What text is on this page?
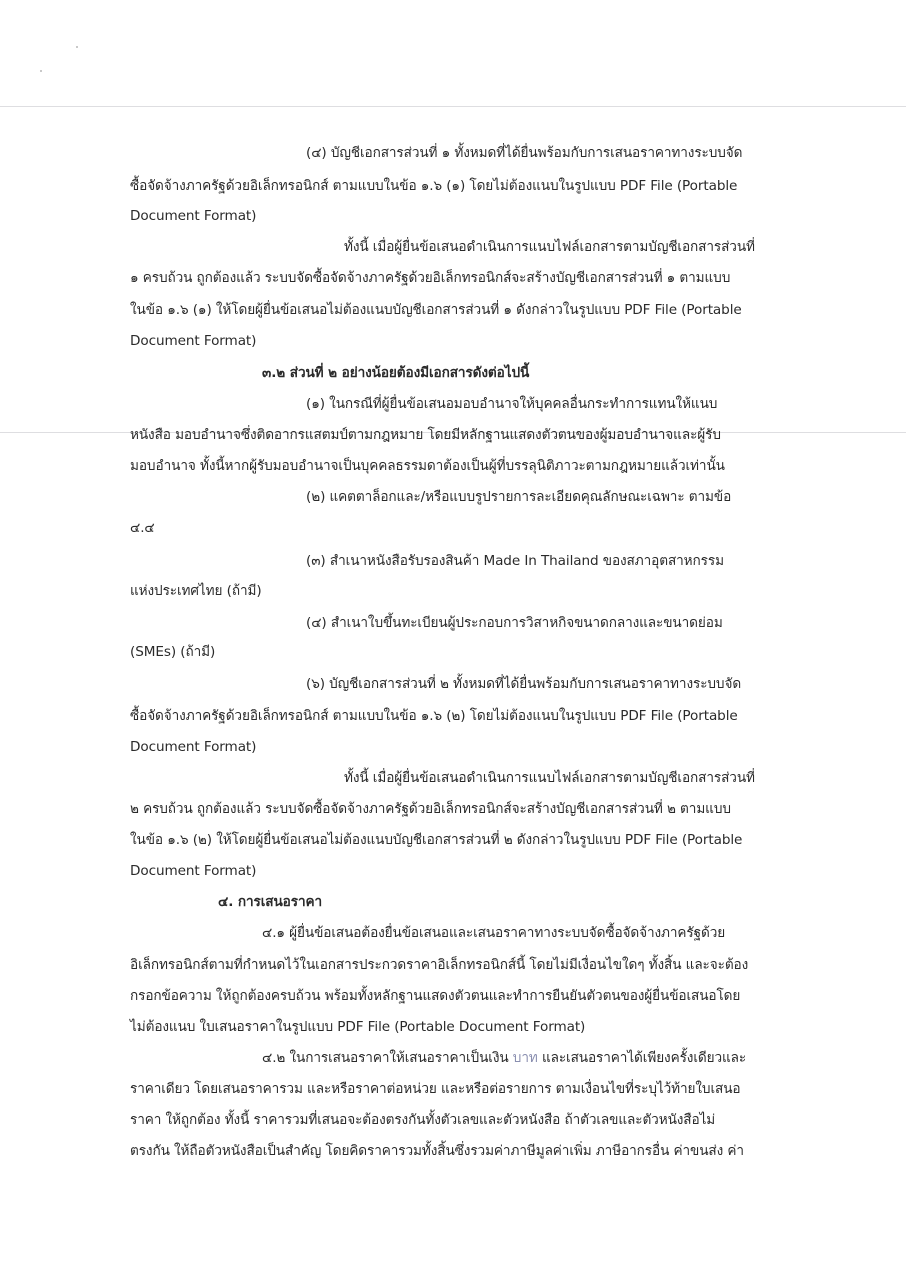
(๔) บัญชีเอกสารส่วนที่ ๑ ทั้งหมดที่ได้ยื่นพร้อมกับการเสนอราคาทางระบบจัด

ซื้อจัดจ้างภาครัฐด้วยอิเล็กทรอนิกส์ ตามแบบในข้อ ๑.๖ (๑) โดยไม่ต้องแนบในรูปแบบ PDF File (Portable

Document Format)

ทั้งนี้ เมื่อผู้ยื่นข้อเสนอดำเนินการแนบไฟล์เอกสารตามบัญชีเอกสารส่วนที่

๑ ครบถ้วน ถูกต้องแล้ว ระบบจัดซื้อจัดจ้างภาครัฐด้วยอิเล็กทรอนิกส์จะสร้างบัญชีเอกสารส่วนที่ ๑ ตามแบบ

ในข้อ ๑.๖ (๑) ให้โดยผู้ยื่นข้อเสนอไม่ต้องแนบบัญชีเอกสารส่วนที่ ๑ ดังกล่าวในรูปแบบ PDF File (Portable

Document Format)

๓.๒ ส่วนที่ ๒ อย่างน้อยต้องมีเอกสารดังต่อไปนี้

(๑) ในกรณีที่ผู้ยื่นข้อเสนอมอบอำนาจให้บุคคลอื่นกระทำการแทนให้แนบ

หนังสือ มอบอำนาจซึ่งติดอากรแสตมป์ตามกฎหมาย โดยมีหลักฐานแสดงตัวตนของผู้มอบอำนาจและผู้รับ

มอบอำนาจ ทั้งนี้หากผู้รับมอบอำนาจเป็นบุคคลธรรมดาต้องเป็นผู้ที่บรรลุนิติภาวะตามกฎหมายแล้วเท่านั้น

(๒) แคตตาล็อกและ/หรือแบบรูปรายการละเอียดคุณลักษณะเฉพาะ ตามข้อ

๔.๔

(๓) สำเนาหนังสือรับรองสินค้า Made In Thailand ของสภาอุตสาหกรรม

แห่งประเทศไทย (ถ้ามี)

(๔) สำเนาใบขึ้นทะเบียนผู้ประกอบการวิสาหกิจขนาดกลางและขนาดย่อม

(SMEs) (ถ้ามี)

(๖) บัญชีเอกสารส่วนที่ ๒ ทั้งหมดที่ได้ยื่นพร้อมกับการเสนอราคาทางระบบจัด

ซื้อจัดจ้างภาครัฐด้วยอิเล็กทรอนิกส์ ตามแบบในข้อ ๑.๖ (๒) โดยไม่ต้องแนบในรูปแบบ PDF File (Portable

Document Format)

ทั้งนี้ เมื่อผู้ยื่นข้อเสนอดำเนินการแนบไฟล์เอกสารตามบัญชีเอกสารส่วนที่

๒ ครบถ้วน ถูกต้องแล้ว ระบบจัดซื้อจัดจ้างภาครัฐด้วยอิเล็กทรอนิกส์จะสร้างบัญชีเอกสารส่วนที่ ๒ ตามแบบ

ในข้อ ๑.๖ (๒) ให้โดยผู้ยื่นข้อเสนอไม่ต้องแนบบัญชีเอกสารส่วนที่ ๒ ดังกล่าวในรูปแบบ PDF File (Portable

Document Format)

๔. การเสนอราคา

๔.๑ ผู้ยื่นข้อเสนอต้องยื่นข้อเสนอและเสนอราคาทางระบบจัดซื้อจัดจ้างภาครัฐด้วย

อิเล็กทรอนิกส์ตามที่กำหนดไว้ในเอกสารประกวดราคาอิเล็กทรอนิกส์นี้ โดยไม่มีเงื่อนไขใดๆ ทั้งสิ้น และจะต้อง

กรอกข้อความ ให้ถูกต้องครบถ้วน พร้อมทั้งหลักฐานแสดงตัวตนและทำการยืนยันตัวตนของผู้ยื่นข้อเสนอโดย

ไม่ต้องแนบ ใบเสนอราคาในรูปแบบ PDF File (Portable Document Format)

๔.๒ ในการเสนอราคาให้เสนอราคาเป็นเงิน บาท และเสนอราคาได้เพียงครั้งเดียวและ

ราคาเดียว โดยเสนอราคารวม และหรือราคาต่อหน่วย และหรือต่อรายการ ตามเงื่อนไขที่ระบุไว้ท้ายใบเสนอ

ราคา ให้ถูกต้อง ทั้งนี้ ราคารวมที่เสนอจะต้องตรงกันทั้งตัวเลขและตัวหนังสือ ถ้าตัวเลขและตัวหนังสือไม่

ตรงกัน ให้ถือตัวหนังสือเป็นสำคัญ โดยคิดราคารวมทั้งสิ้นซึ่งรวมค่าภาษีมูลค่าเพิ่ม ภาษีอากรอื่น ค่าขนส่ง ค่า
